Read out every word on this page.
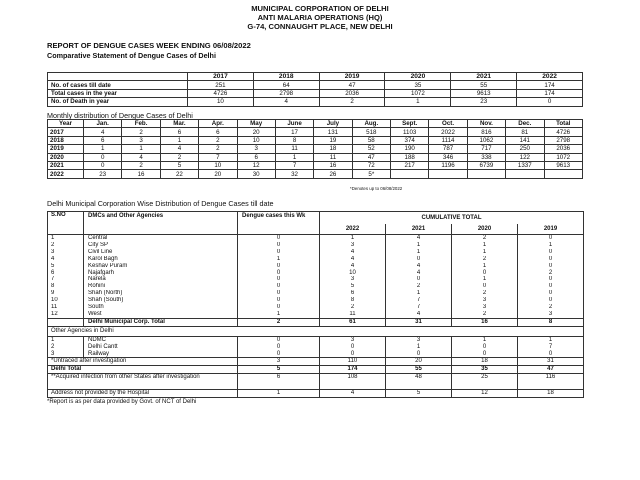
MUNICIPAL CORPORATION OF DELHI
ANTI MALARIA OPERATIONS (HQ)
G-74, CONNAUGHT PLACE, NEW DELHI
REPORT OF DENGUE CASES WEEK ENDING 06/08/2022
Comparative Statement of Dengue Cases of Delhi
	2017	2018	2019	2020	2021	2022
No. of cases till date	251	64	47	35	55	174
Total cases in the year	4726	2798	2036	1072	9613	174
No. of Death in year	10	4	2	1	23	0
Monthly distribution of Dengue Cases of Delhi
Year	Jan.	Feb.	Mar.	Apr.	May	June	July	Aug.	Sept.	Oct.	Nov.	Dec.	Total
2017	4	2	6	6	20	17	131	518	1103	2022	816	81	4726
2018	6	3	1	2	10	8	19	58	374	1114	1062	141	2798
2019	1	1	4	2	3	11	18	52	190	787	717	250	2036
2020	0	4	2	7	6	1	11	47	188	346	338	122	1072
2021	0	2	5	10	12	7	16	72	217	1196	6739	1337	9613
2022	23	16	22	20	30	32	26	5*					
*Denotes up to 06/08/2022
Delhi Municipal Corporation Wise Distribution of Dengue Cases till date
S.NO	DMCs and Other Agencies	Dengue cases this Wk	CUMULATIVE TOTAL			
			2022	2021	2020	2019
1	Central	0	1	4	2	0
2	City SP	0	3	1	1	1
3	Civil Line	0	4	1	1	0
4	Karol Bagh	1	4	0	2	0
5	Keshav Puram	0	4	4	1	0
6	Najafgarh	0	10	4	0	2
7	Narela	0	3	0	1	0
8	Rohini	0	5	2	0	0
9	Shah (North)	0	6	1	2	0
10	Shah (South)	0	8	7	3	0
11	South	0	2	7	3	2
12	West	1	11	4	2	3
	Delhi Municipal Corp. Total	2	61	31	16	8
Other Agencies in Delhi						
1	NDMC	0	3	3	1	1
2	Delhi Cantt	0	0	1	0	7
3	Railway	0	0	0	0	0
*Untraced after investigation		3	110	20	18	31
Delhi Total		5	174	55	35	47
**Acquired infection from other States after investigation		6	108	48	25	116
Address not provided by the Hospital		1	4	5	12	18
*Report is as per data provided by Govt. of NCT of Delhi
